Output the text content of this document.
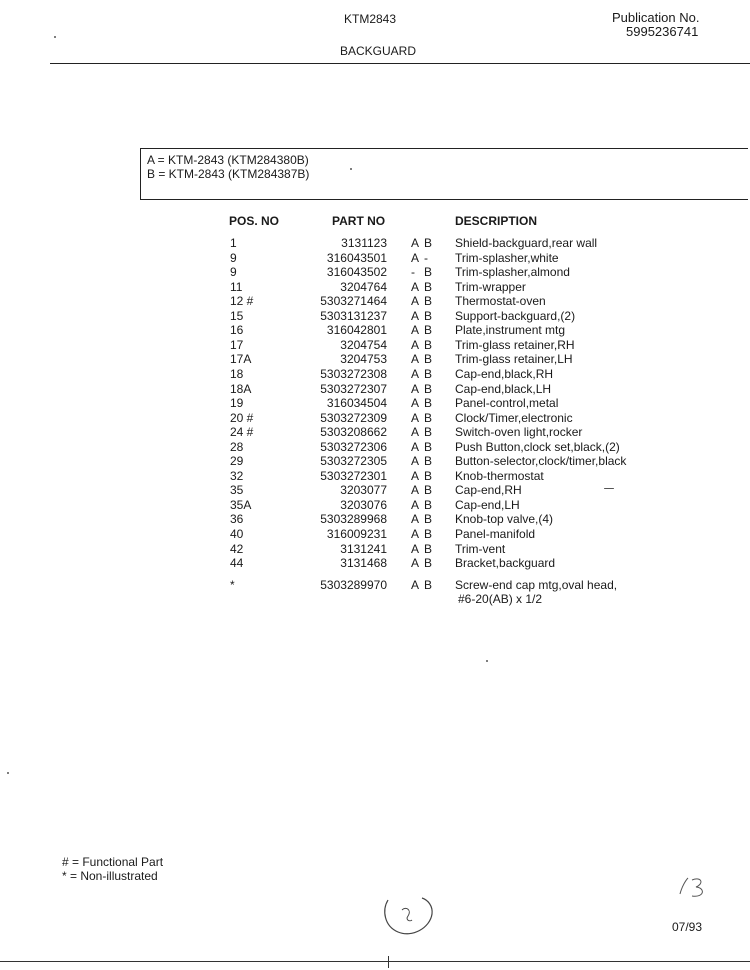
KTM2843	Publication No.
5995236741
BACKGUARD
A = KTM-2843 (KTM284380B)
B = KTM-2843 (KTM284387B)
POS. NO	PART NO	DESCRIPTION
1	3131123 A B Shield-backguard,rear wall
9	316043501 A - Trim-splasher,white
9	316043502 - B Trim-splasher,almond
11	3204764 A B Trim-wrapper
12 #	5303271464 A B Thermostat-oven
15	5303131237 A B Support-backguard,(2)
16	316042801 A B Plate,instrument mtg
17	3204754 A B Trim-glass retainer,RH
17A	3204753 A B Trim-glass retainer,LH
18	5303272308 A B Cap-end,black,RH
18A	5303272307 A B Cap-end,black,LH
19	316034504 A B Panel-control,metal
20 #	5303272309 A B Clock/Timer,electronic
24 #	5303208662 A B Switch-oven light,rocker
28	5303272306 A B Push Button,clock set,black,(2)
29	5303272305 A B Button-selector,clock/timer,black
32	5303272301 A B Knob-thermostat
35	3203077 A B Cap-end,RH
35A	3203076 A B Cap-end,LH
36	5303289968 A B Knob-top valve,(4)
40	316009231 A B Panel-manifold
42	3131241 A B Trim-vent
44	3131468 A B Bracket,backguard
*	5303289970 A B Screw-end cap mtg,oval head,
#6-20(AB) x 1/2
# = Functional Part
* = Non-illustrated
07/93
